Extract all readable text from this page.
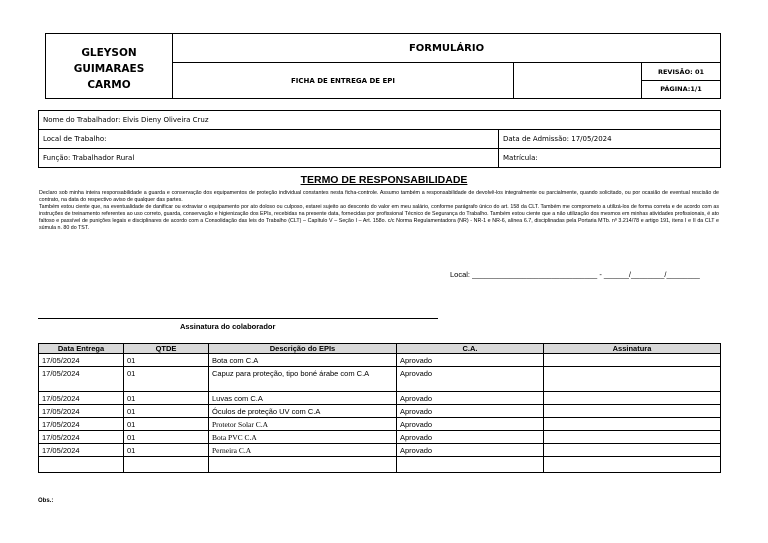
GLEYSON GUIMARAES
CARMO	FORMULÁRIO		
	FICHA DE ENTREGA DE EPI		REVISÃO: 01
			PÁGINA:1/1
Nome do Trabalhador: Elvis Dieny Oliveira Cruz	
Local de Trabalho:	Data de Admissão: 17/05/2024
Função: Trabalhador Rural	Matrícula:
TERMO DE RESPONSABILIDADE

Declaro sob minha inteira responsabilidade a guarda e conservação dos equipamentos de proteção individual constantes nesta ficha-controle. Assumo também a responsabilidade de devolvê-los integralmente ou parcialmente, quando solicitado, ou por ocasião de eventual rescisão de contrato, na data do respectivo aviso de qualquer das partes.

Também estou ciente que, na eventualidade de danificar ou extraviar o equipamento por ato doloso ou culposo, estarei sujeito ao desconto do valor em meu salário, conforme parágrafo único do art. 158 da CLT. Também me comprometo a utilizá-los de forma correta e de acordo com as instruções de treinamento referentes ao uso correto, guarda, conservação e higienização dos EPIs, recebidas na presente data, fornecidas por profissional Técnico de Segurança do Trabalho. Também estou ciente que a não utilização dos mesmos em minhas atividades profissionais, é ato faltoso e passível de punições legais e disciplinares de acordo com a Consolidação das leis do Trabalho (CLT) – Capítulo V – Seção I – Art. 158o. c/c Norma Regulamentadora (NR) - NR-1 e NR-6, alínea 6.7, disciplinadas pela Portaria MTb. nº 3.214/78 e artigo 191, itens I e II da CLT e súmula n. 80 do TST.

Local: ______________________________ - ______/________/________
Assinatura do colaborador
Data Entrega	QTDE	Descrição do EPIs	C.A.	Assinatura
17/05/2024	01	Bota com C.A	Aprovado	
17/05/2024	01	Capuz para proteção, tipo boné árabe com C.A	Aprovado	
17/05/2024	01	Luvas com C.A	Aprovado	
17/05/2024	01	Óculos de proteção UV com C.A	Aprovado	
17/05/2024	01	Protetor Solar C.A	Aprovado	
17/05/2024	01	Bota PVC C.A	Aprovado	
17/05/2024	01	Perneira C.A	Aprovado	

Obs.:
